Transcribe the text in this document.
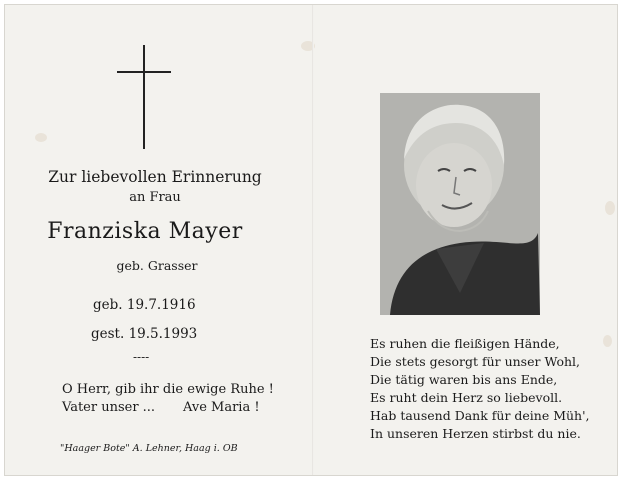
Zur liebevollen Erinnerung
an Frau
Franziska Mayer
geb. Grasser
geb. 19.7.1916
gest. 19.5.1993
----
O Herr, gib ihr die ewige Ruhe !
Vater unser ... Ave Maria !
"Haager Bote" A. Lehner, Haag i. OB
Es ruhen die fleißigen Hände,
Die stets gesorgt für unser Wohl,
Die tätig waren bis ans Ende,
Es ruht dein Herz so liebevoll.
Hab tausend Dank für deine Müh',
In unseren Herzen stirbst du nie.
